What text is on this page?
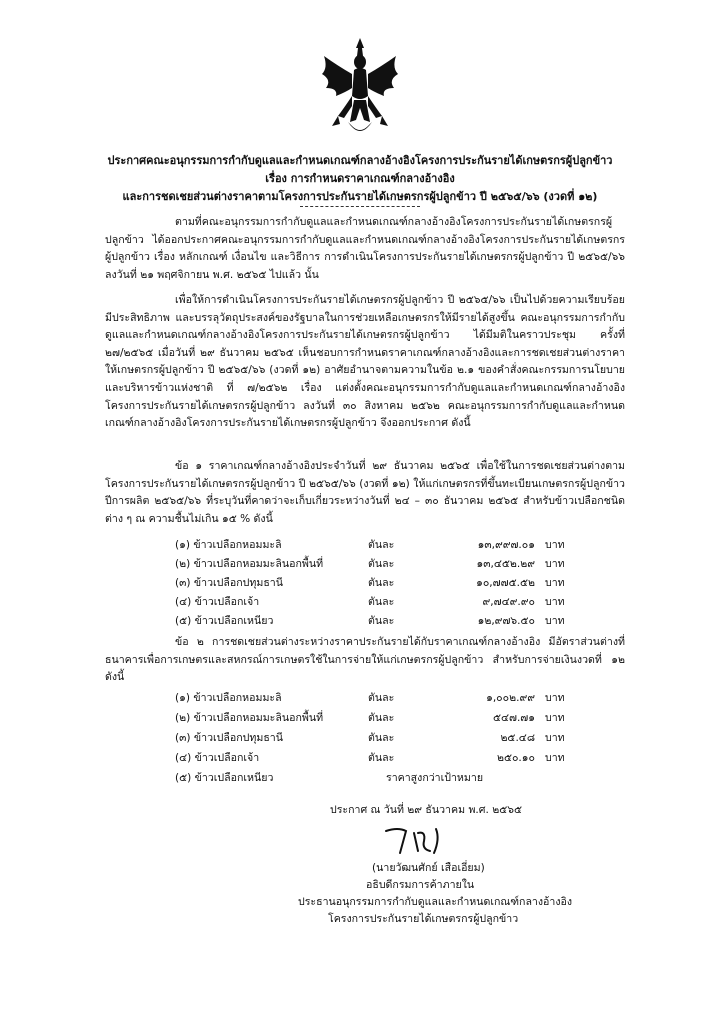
ประกาศคณะอนุกรรมการกำกับดูแลและกำหนดเกณฑ์กลางอ้างอิงโครงการประกันรายได้เกษตรกรผู้ปลูกข้าว
เรื่อง การกำหนดราคาเกณฑ์กลางอ้างอิง
และการชดเชยส่วนต่างราคาตามโครงการประกันรายได้เกษตรกรผู้ปลูกข้าว ปี ๒๕๖๕/๖๖ (งวดที่ ๑๒)

ตามที่คณะอนุกรรมการกำกับดูแลและกำหนดเกณฑ์กลางอ้างอิงโครงการประกันรายได้เกษตรกรผู้ปลูกข้าว ได้ออกประกาศคณะอนุกรรมการกำกับดูแลและกำหนดเกณฑ์กลางอ้างอิงโครงการประกันรายได้เกษตรกรผู้ปลูกข้าว เรื่อง หลักเกณฑ์ เงื่อนไข และวิธีการ การดำเนินโครงการประกันรายได้เกษตรกรผู้ปลูกข้าว ปี ๒๕๖๕/๖๖ ลงวันที่ ๒๑ พฤศจิกายน พ.ศ. ๒๕๖๕ ไปแล้ว นั้น

เพื่อให้การดำเนินโครงการประกันรายได้เกษตรกรผู้ปลูกข้าว ปี ๒๕๖๕/๖๖ เป็นไปด้วยความเรียบร้อย มีประสิทธิภาพ และบรรลุวัตถุประสงค์ของรัฐบาลในการช่วยเหลือเกษตรกรให้มีรายได้สูงขึ้น คณะอนุกรรมการกำกับดูแลและกำหนดเกณฑ์กลางอ้างอิงโครงการประกันรายได้เกษตรกรผู้ปลูกข้าว ได้มีมติในคราวประชุม ครั้งที่ ๒๗/๒๕๖๕ เมื่อวันที่ ๒๙ ธันวาคม ๒๕๖๕ เห็นชอบการกำหนดราคาเกณฑ์กลางอ้างอิงและการชดเชยส่วนต่างราคาให้เกษตรกรผู้ปลูกข้าว ปี ๒๕๖๕/๖๖ (งวดที่ ๑๒) อาศัยอำนาจตามความในข้อ ๒.๑ ของคำสั่งคณะกรรมการนโยบายและบริหารข้าวแห่งชาติ ที่ ๗/๒๕๖๒ เรื่อง แต่งตั้งคณะอนุกรรมการกำกับดูแลและกำหนดเกณฑ์กลางอ้างอิงโครงการประกันรายได้เกษตรกรผู้ปลูกข้าว ลงวันที่ ๓๐ สิงหาคม ๒๕๖๒ คณะอนุกรรมการกำกับดูแลและกำหนดเกณฑ์กลางอ้างอิงโครงการประกันรายได้เกษตรกรผู้ปลูกข้าว จึงออกประกาศ ดังนี้

ข้อ ๑ ราคาเกณฑ์กลางอ้างอิงประจำวันที่ ๒๙ ธันวาคม ๒๕๖๕ เพื่อใช้ในการชดเชยส่วนต่างตามโครงการประกันรายได้เกษตรกรผู้ปลูกข้าว ปี ๒๕๖๕/๖๖ (งวดที่ ๑๒) ให้แก่เกษตรกรที่ขึ้นทะเบียนเกษตรกรผู้ปลูกข้าว ปีการผลิต ๒๕๖๕/๖๖ ที่ระบุวันที่คาดว่าจะเก็บเกี่ยวระหว่างวันที่ ๒๔ – ๓๐ ธันวาคม ๒๕๖๕ สำหรับข้าวเปลือกชนิดต่าง ๆ ณ ความชื้นไม่เกิน ๑๕ % ดังนี้

(๑) ข้าวเปลือกหอมมะลิ	ตันละ	๑๓,๙๙๗.๐๑ บาท
(๒) ข้าวเปลือกหอมมะลินอกพื้นที่	ตันละ	๑๓,๔๕๒.๒๙ บาท
(๓) ข้าวเปลือกปทุมธานี	ตันละ	๑๐,๗๗๕.๕๒ บาท
(๔) ข้าวเปลือกเจ้า	ตันละ	๙,๗๔๙.๙๐ บาท
(๕) ข้าวเปลือกเหนียว	ตันละ	๑๒,๙๗๖.๕๐ บาท

ข้อ ๒ การชดเชยส่วนต่างระหว่างราคาประกันรายได้กับราคาเกณฑ์กลางอ้างอิง มีอัตราส่วนต่างที่ธนาคารเพื่อการเกษตรและสหกรณ์การเกษตรใช้ในการจ่ายให้แก่เกษตรกรผู้ปลูกข้าว สำหรับการจ่ายเงินงวดที่ ๑๒ ดังนี้

(๑) ข้าวเปลือกหอมมะลิ	ตันละ	๑,๐๐๒.๙๙ บาท
(๒) ข้าวเปลือกหอมมะลินอกพื้นที่	ตันละ	๕๔๗.๗๑ บาท
(๓) ข้าวเปลือกปทุมธานี	ตันละ	๒๕.๔๘ บาท
(๔) ข้าวเปลือกเจ้า	ตันละ	๒๕๐.๑๐ บาท
(๕) ข้าวเปลือกเหนียว	ราคาสูงกว่าเป้าหมาย
ประกาศ ณ วันที่ ๒๙ ธันวาคม พ.ศ. ๒๕๖๕
(นายวัฒนศักย์ เสือเอี่ยม)
อธิบดีกรมการค้าภายใน
ประธานอนุกรรมการกำกับดูแลและกำหนดเกณฑ์กลางอ้างอิง
โครงการประกันรายได้เกษตรกรผู้ปลูกข้าว
